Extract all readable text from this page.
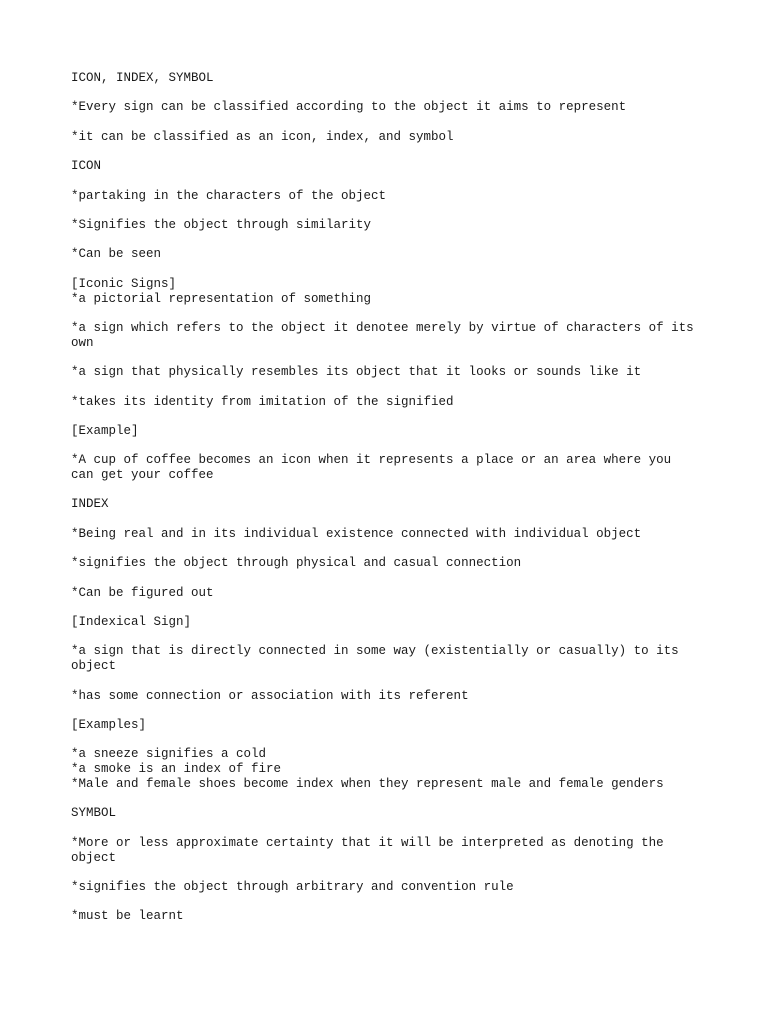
ICON, INDEX, SYMBOL

*Every sign can be classified according to the object it aims to represent

*it can be classified as an icon, index, and symbol

ICON

*partaking in the characters of the object

*Signifies the object through similarity

*Can be seen

[Iconic Signs]
*a pictorial representation of something

*a sign which refers to the object it denotee merely by virtue of characters of its
own

*a sign that physically resembles its object that it looks or sounds like it

*takes its identity from imitation of the signified

[Example]

*A cup of coffee becomes an icon when it represents a place or an area where you
can get your coffee

INDEX

*Being real and in its individual existence connected with individual object

*signifies the object through physical and casual connection

*Can be figured out

[Indexical Sign]

*a sign that is directly connected in some way (existentially or casually) to its
object

*has some connection or association with its referent

[Examples]

*a sneeze signifies a cold
*a smoke is an index of fire
*Male and female shoes become index when they represent male and female genders

SYMBOL

*More or less approximate certainty that it will be interpreted as denoting the
object

*signifies the object through arbitrary and convention rule

*must be learnt
